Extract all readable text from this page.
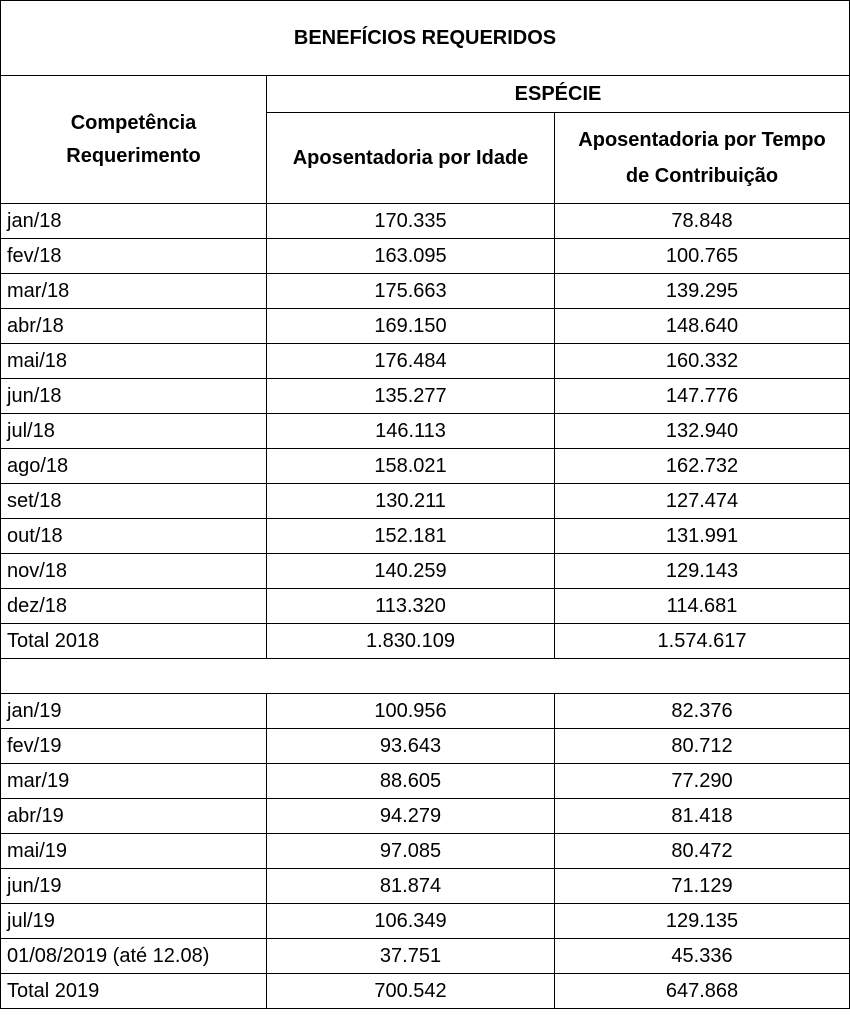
BENEFÍCIOS REQUERIDOS		

Competência
Requerimento	ESPÉCIE	
	Aposentadoria por Idade	Aposentadoria por Tempo
de Contribuição

jan/18	170.335	78.848
fev/18	163.095	100.765
mar/18	175.663	139.295
abr/18	169.150	148.640
mai/18	176.484	160.332
jun/18	135.277	147.776
jul/18	146.113	132.940
ago/18	158.021	162.732
set/18	130.211	127.474
out/18	152.181	131.991
nov/18	140.259	129.143
dez/18	113.320	114.681
Total 2018	1.830.109	1.574.617

jan/19	100.956	82.376
fev/19	93.643	80.712
mar/19	88.605	77.290
abr/19	94.279	81.418
mai/19	97.085	80.472
jun/19	81.874	71.129
jul/19	106.349	129.135
01/08/2019 (até 12.08)	37.751	45.336
Total 2019	700.542	647.868
